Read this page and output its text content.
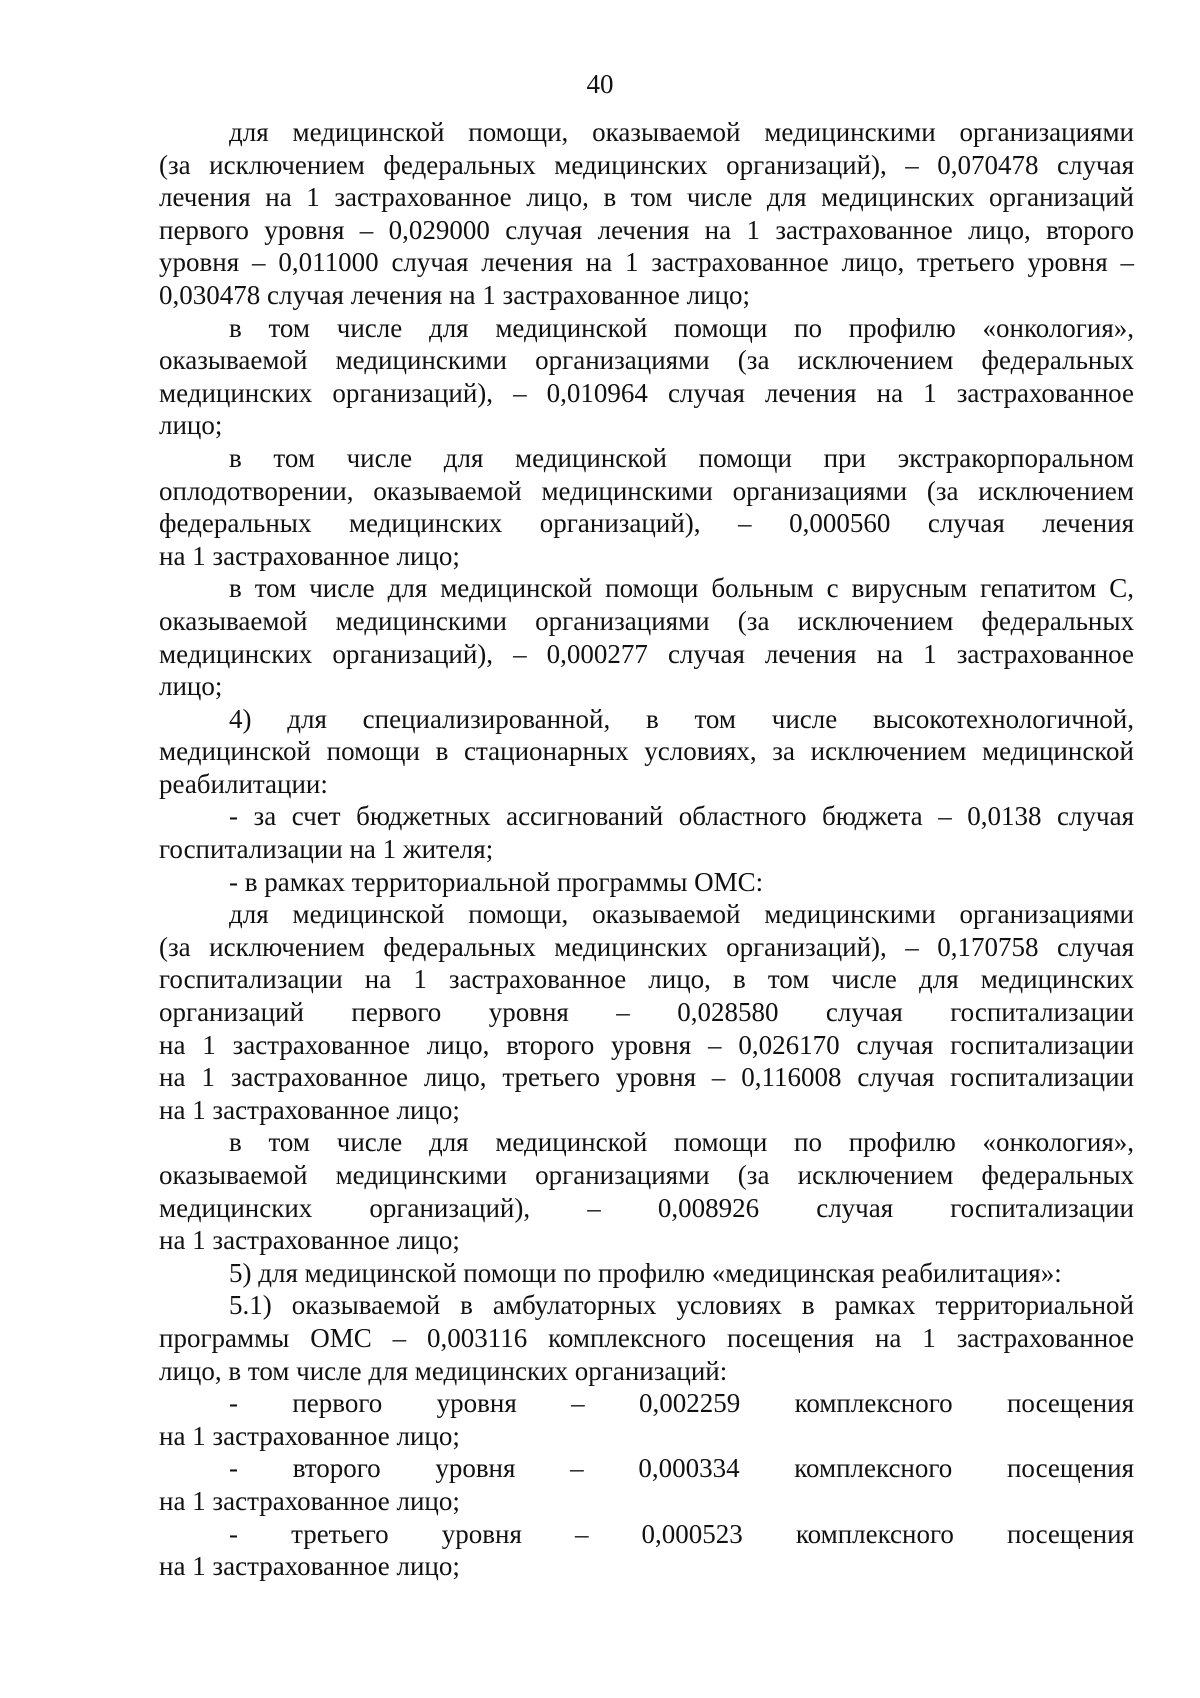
40
для медицинской помощи, оказываемой медицинскими организациями
(за исключением федеральных медицинских организаций), – 0,070478 случая
лечения на 1 застрахованное лицо, в том числе для медицинских организаций
первого уровня – 0,029000 случая лечения на 1 застрахованное лицо, второго
уровня – 0,011000 случая лечения на 1 застрахованное лицо, третьего уровня –
0,030478 случая лечения на 1 застрахованное лицо;
в том числе для медицинской помощи по профилю «онкология»,
оказываемой медицинскими организациями (за исключением федеральных
медицинских организаций), – 0,010964 случая лечения на 1 застрахованное
лицо;
в том числе для медицинской помощи при экстракорпоральном
оплодотворении, оказываемой медицинскими организациями (за исключением
федеральных медицинских организаций), – 0,000560 случая лечения
на 1 застрахованное лицо;
в том числе для медицинской помощи больным с вирусным гепатитом С,
оказываемой медицинскими организациями (за исключением федеральных
медицинских организаций), – 0,000277 случая лечения на 1 застрахованное
лицо;
4) для специализированной, в том числе высокотехнологичной,
медицинской помощи в стационарных условиях, за исключением медицинской
реабилитации:
- за счет бюджетных ассигнований областного бюджета – 0,0138 случая
госпитализации на 1 жителя;
- в рамках территориальной программы ОМС:
для медицинской помощи, оказываемой медицинскими организациями
(за исключением федеральных медицинских организаций), – 0,170758 случая
госпитализации на 1 застрахованное лицо, в том числе для медицинских
организаций первого уровня – 0,028580 случая госпитализации
на 1 застрахованное лицо, второго уровня – 0,026170 случая госпитализации
на 1 застрахованное лицо, третьего уровня – 0,116008 случая госпитализации
на 1 застрахованное лицо;
в том числе для медицинской помощи по профилю «онкология»,
оказываемой медицинскими организациями (за исключением федеральных
медицинских организаций), – 0,008926 случая госпитализации
на 1 застрахованное лицо;
5) для медицинской помощи по профилю «медицинская реабилитация»:
5.1) оказываемой в амбулаторных условиях в рамках территориальной
программы ОМС – 0,003116 комплексного посещения на 1 застрахованное
лицо, в том числе для медицинских организаций:
- первого уровня – 0,002259 комплексного посещения
на 1 застрахованное лицо;
- второго уровня – 0,000334 комплексного посещения
на 1 застрахованное лицо;
- третьего уровня – 0,000523 комплексного посещения
на 1 застрахованное лицо;
